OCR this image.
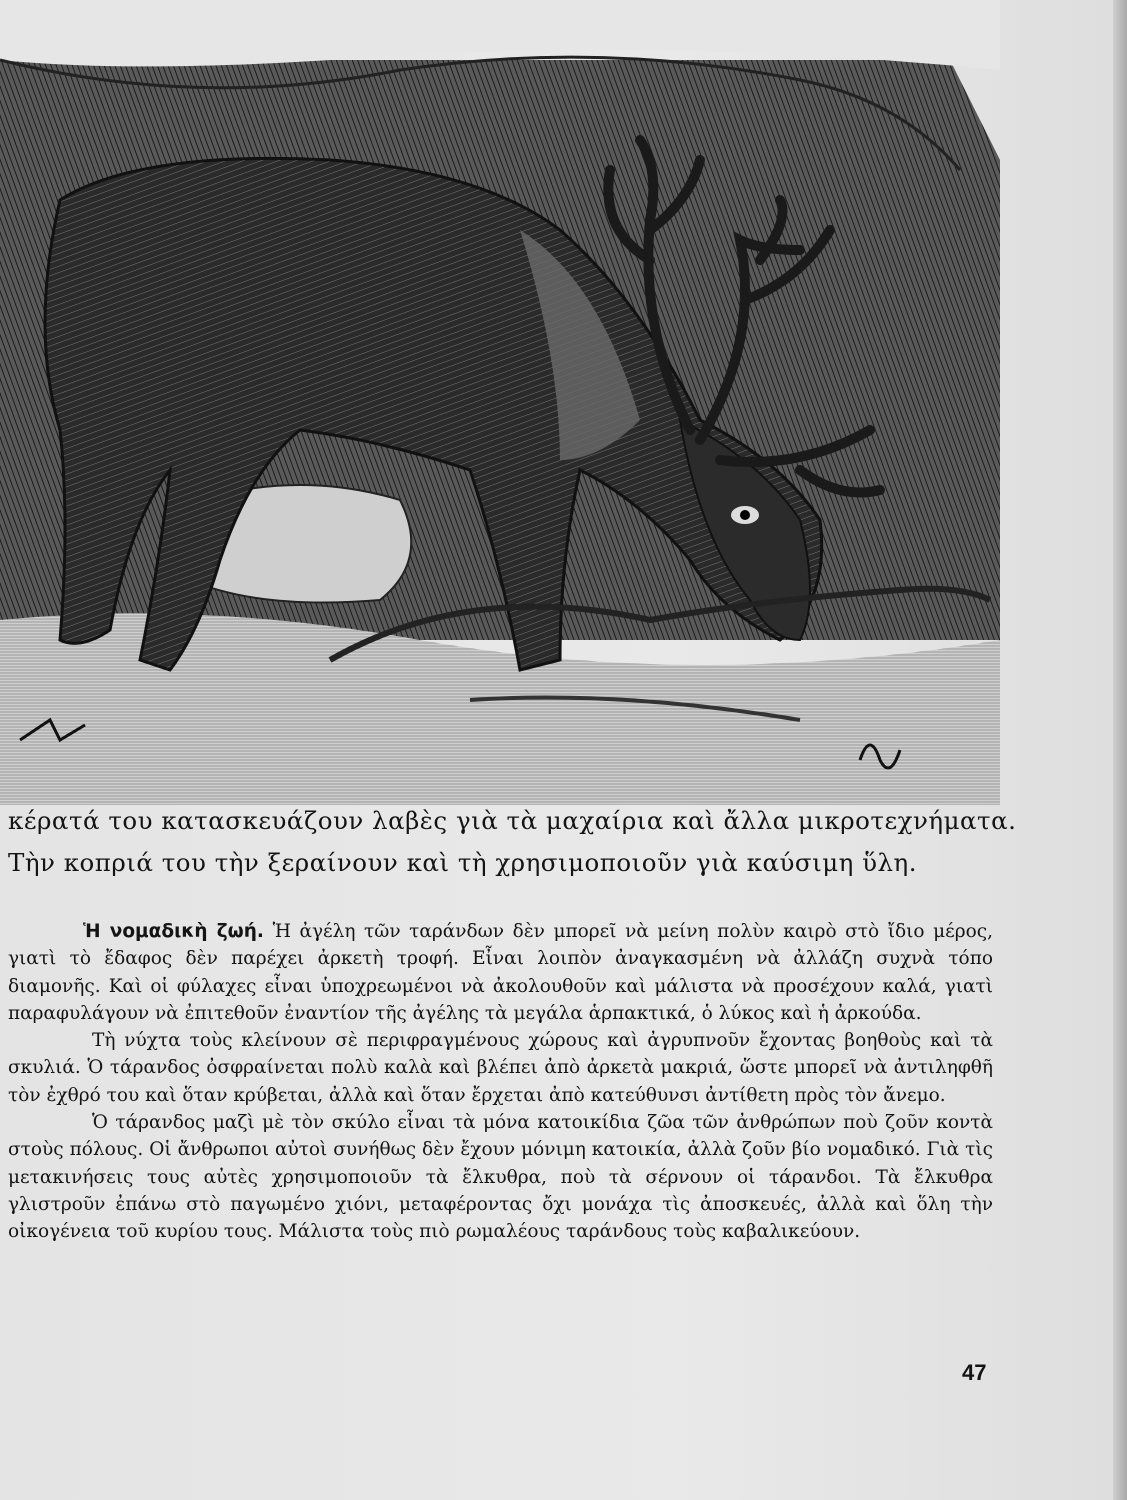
κέρατά του κατασκευάζουν λαβὲς γιὰ τὰ μαχαίρια καὶ ἄλλα μικροτεχνήματα.

Τὴν κοπριά του τὴν ξεραίνουν καὶ τὴ χρησιμοποιοῦν γιὰ καύσιμη ὕλη.

Ἡ νομαδικὴ ζωή. Ἡ ἀγέλη τῶν ταράνδων δὲν μπορεῖ νὰ μείνη πολὺν καιρὸ στὸ ἴδιο μέρος, γιατὶ τὸ ἔδαφος δὲν παρέχει ἀρκετὴ τροφή. Εἶναι λοιπὸν ἀναγκασμένη νὰ ἀλλάζη συχνὰ τόπο διαμονῆς. Καὶ οἱ φύλαχες εἶναι ὑποχρεωμένοι νὰ ἀκολουθοῦν καὶ μάλιστα νὰ προσέχουν καλά, γιατὶ παραφυλάγουν νὰ ἐπιτεθοῦν ἐναντίον τῆς ἀγέλης τὰ μεγάλα ἁρπακτικά, ὁ λύκος καὶ ἡ ἀρκούδα.

Τὴ νύχτα τοὺς κλείνουν σὲ περιφραγμένους χώρους καὶ ἀγρυπνοῦν ἔχοντας βοηθοὺς καὶ τὰ σκυλιά. Ὁ τάρανδος ὀσφραίνεται πολὺ καλὰ καὶ βλέπει ἀπὸ ἀρκετὰ μακριά, ὥστε μπορεῖ νὰ ἀντιληφθῆ τὸν ἐχθρό του καὶ ὅταν κρύβεται, ἀλλὰ καὶ ὅταν ἔρχεται ἀπὸ κατεύθυνσι ἀντίθετη πρὸς τὸν ἄνεμο.

Ὁ τάρανδος μαζὶ μὲ τὸν σκύλο εἶναι τὰ μόνα κατοικίδια ζῶα τῶν ἀνθρώπων ποὺ ζοῦν κοντὰ στοὺς πόλους. Οἱ ἄνθρωποι αὐτοὶ συνήθως δὲν ἔχουν μόνιμη κατοικία, ἀλλὰ ζοῦν βίο νομαδικό. Γιὰ τὶς μετακινήσεις τους αὐτὲς χρησιμοποιοῦν τὰ ἔλκυθρα, ποὺ τὰ σέρνουν οἱ τάρανδοι. Τὰ ἔλκυθρα γλιστροῦν ἐπάνω στὸ παγωμένο χιόνι, μεταφέροντας ὄχι μονάχα τὶς ἀποσκευές, ἀλλὰ καὶ ὅλη τὴν οἰκογένεια τοῦ κυρίου τους. Μάλιστα τοὺς πιὸ ρωμαλέους ταράνδους τοὺς καβαλικεύουν.

47
